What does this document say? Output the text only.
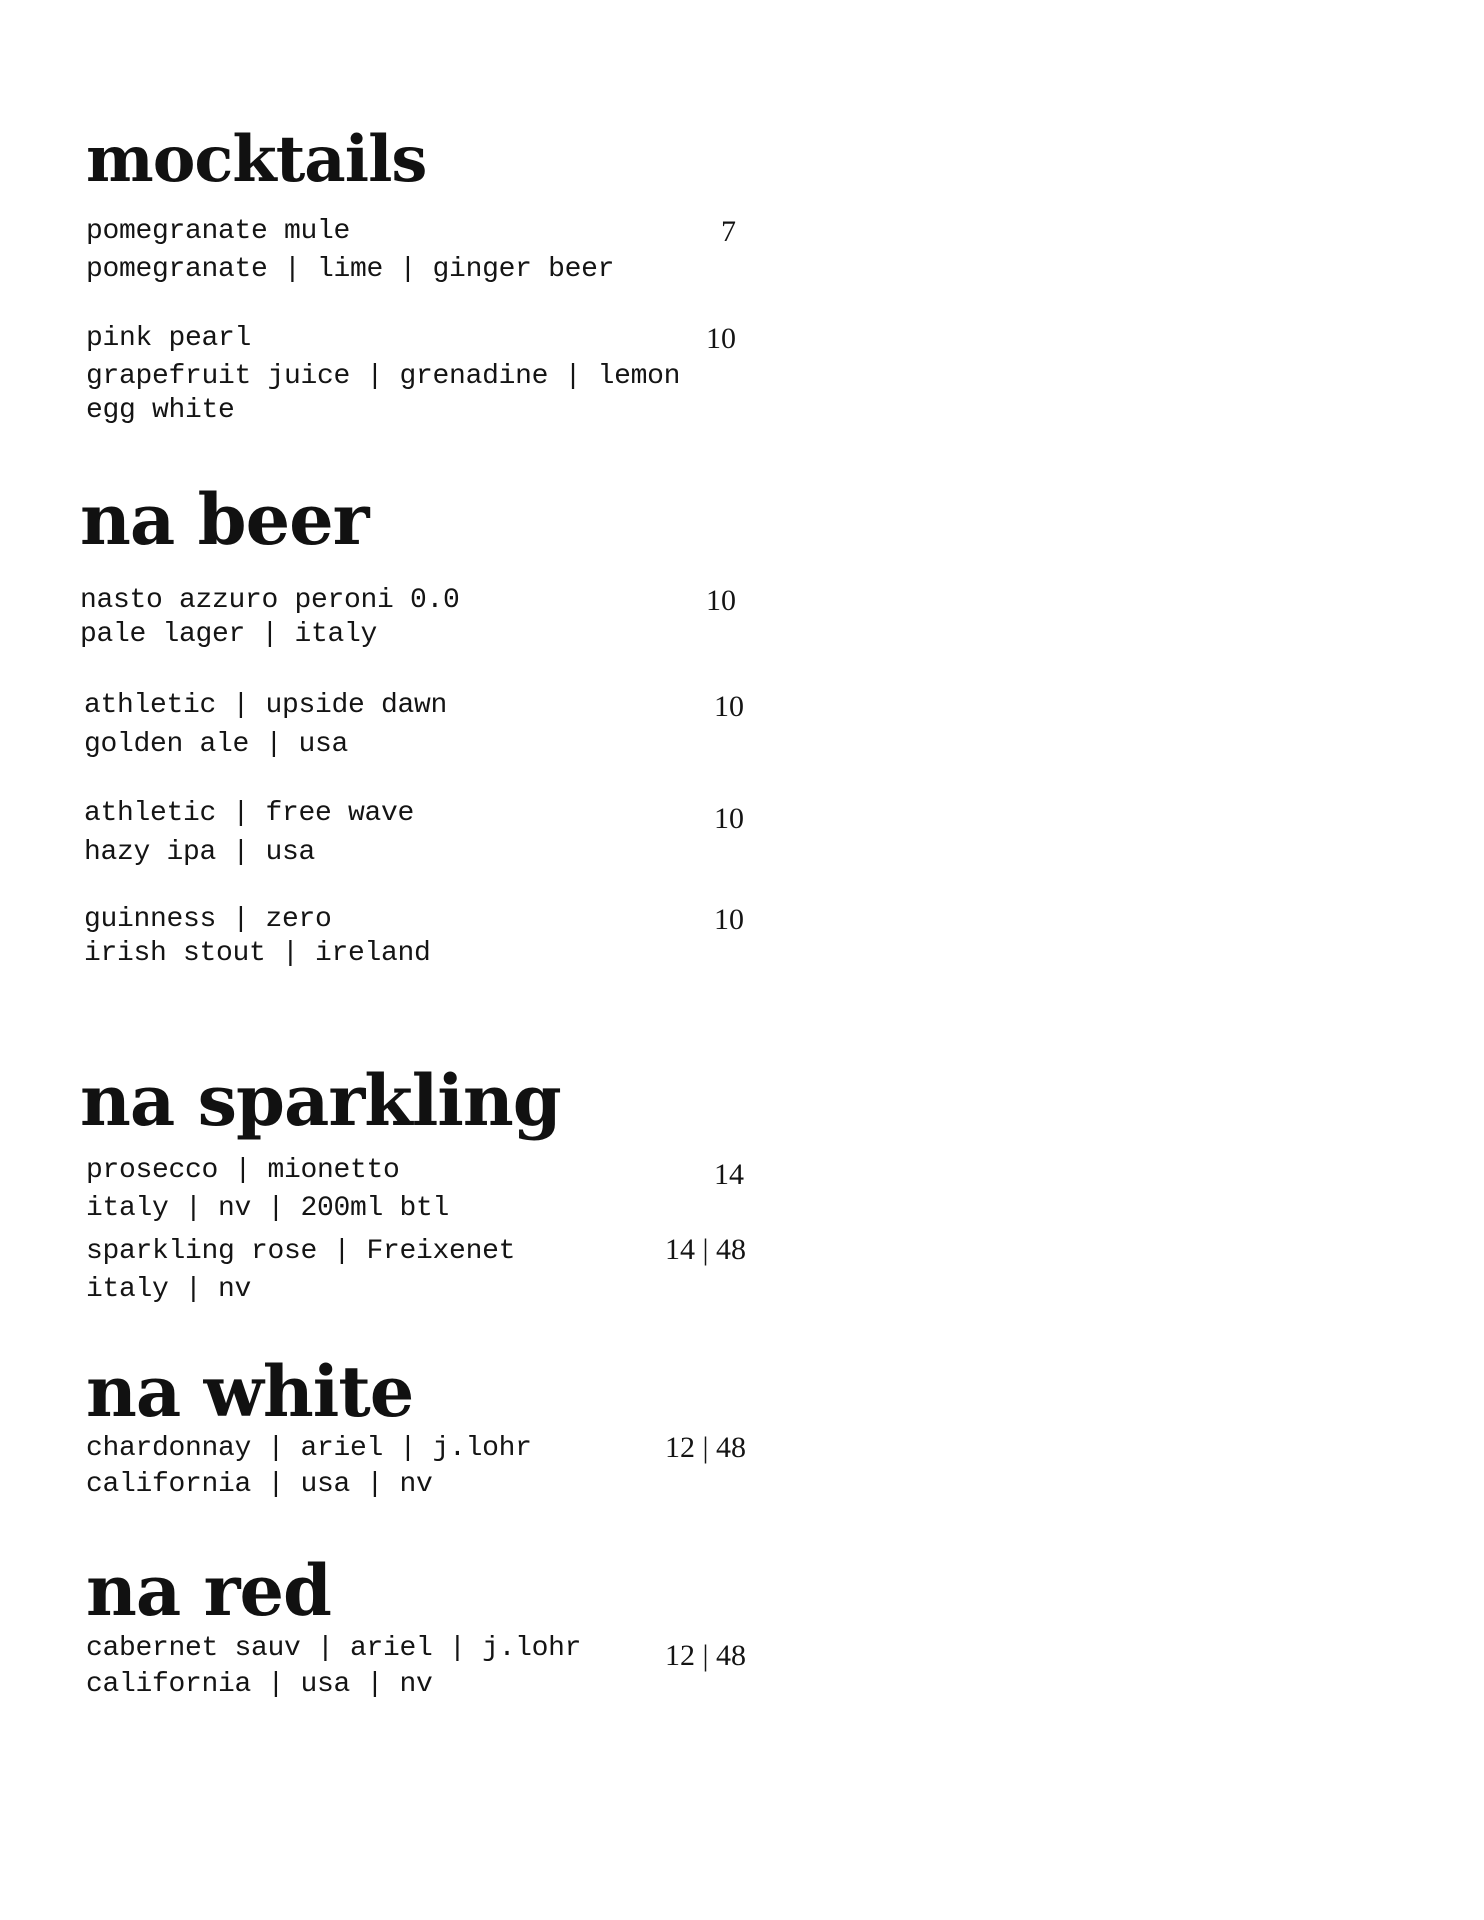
mocktails
pomegranate mule
pomegranate | lime | ginger beer
7
pink pearl
grapefruit juice | grenadine | lemon
egg white
10
na beer
nasto azzuro peroni 0.0
pale lager | italy
10
athletic | upside dawn
golden ale | usa
10
athletic | free wave
hazy ipa | usa
10
guinness | zero
irish stout | ireland
10
na sparkling
prosecco | mionetto
italy | nv | 200ml btl
14
sparkling rose | Freixenet
italy | nv
14 | 48
na white
chardonnay | ariel | j.lohr
california | usa | nv
12 | 48
na red
cabernet sauv | ariel | j.lohr
california | usa | nv
12 | 48
